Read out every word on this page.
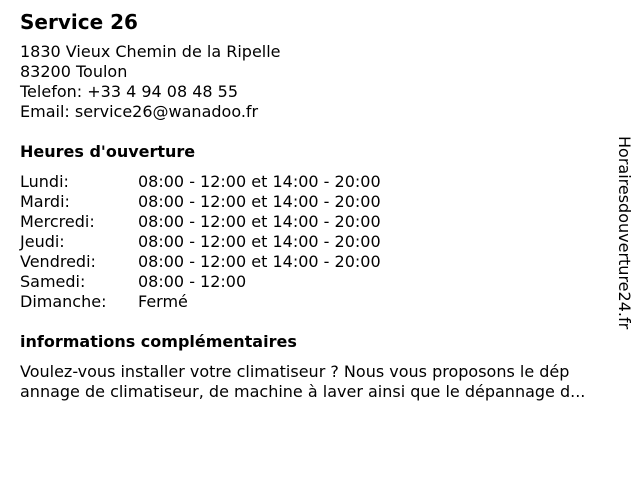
Service 26
1830 Vieux Chemin de la Ripelle
83200 Toulon
Telefon: +33 4 94 08 48 55
Email: service26@wanadoo.fr
Heures d'ouverture
Lundi:	08:00 - 12:00 et 14:00 - 20:00
Mardi:	08:00 - 12:00 et 14:00 - 20:00
Mercredi:	08:00 - 12:00 et 14:00 - 20:00
Jeudi:	08:00 - 12:00 et 14:00 - 20:00
Vendredi:	08:00 - 12:00 et 14:00 - 20:00
Samedi:	08:00 - 12:00
Dimanche:	Fermé
informations complémentaires
Voulez-vous installer votre climatiseur ? Nous vous proposons le dép
annage de climatiseur, de machine à laver ainsi que le dépannage d...
Horairesdouverture24.fr
